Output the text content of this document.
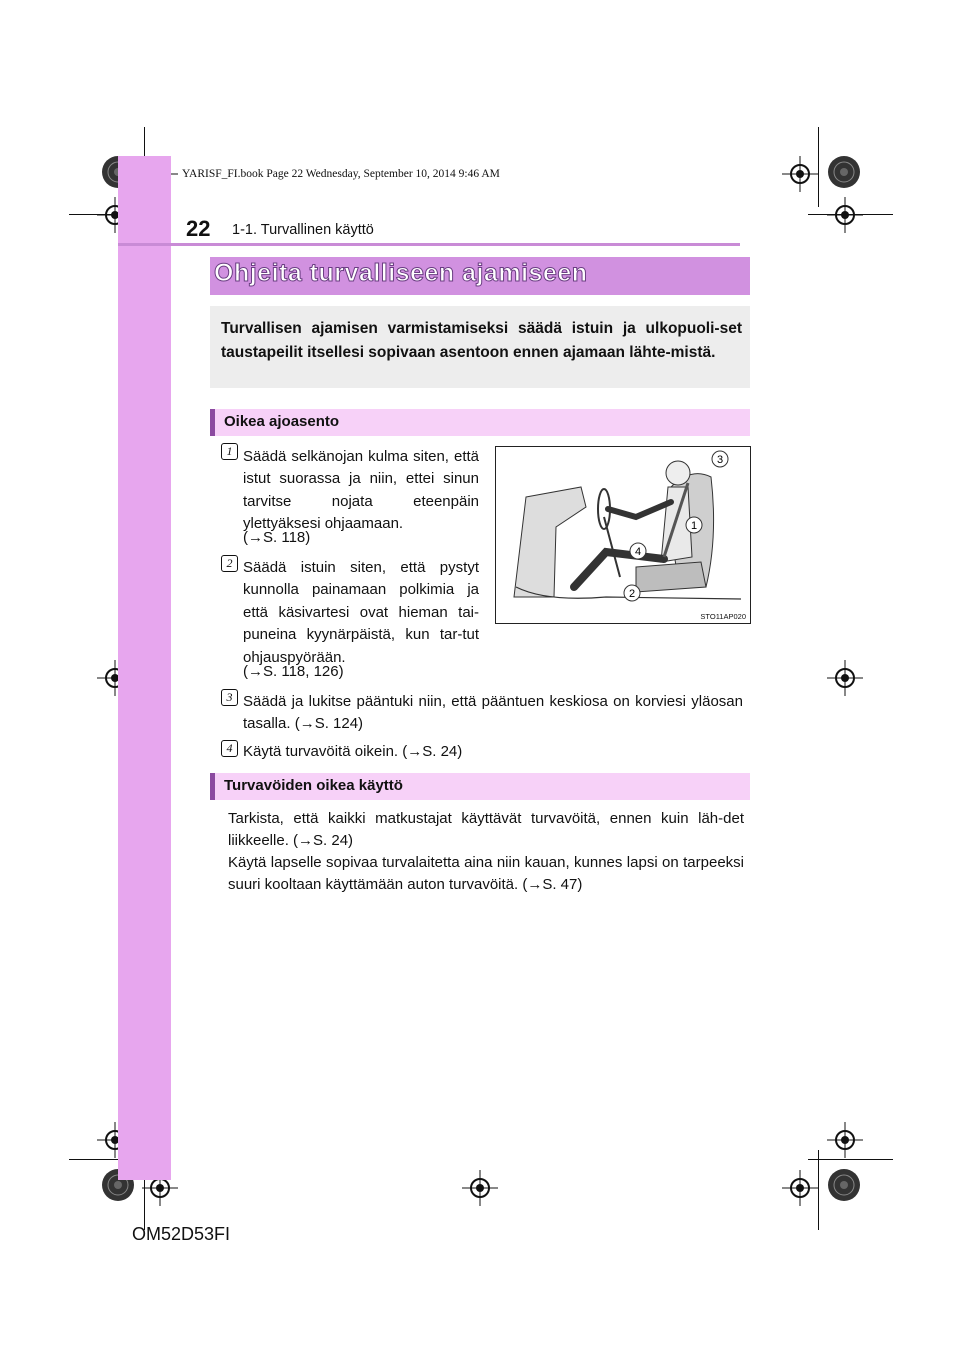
YARISF_FI.book Page 22 Wednesday, September 10, 2014 9:46 AM
22 1-1. Turvallinen käyttö
Ohjeita turvalliseen ajamiseen
Turvallisen ajamisen varmistamiseksi säädä istuin ja ulkopuoli-set taustapeilit itsellesi sopivaan asentoon ennen ajamaan lähte-mistä.
Oikea ajoasento
1 Säädä selkänojan kulma siten, että istut suorassa ja niin, ettei sinun tarvitse nojata eteenpäin ylettyäksesi ohjaamaan.
(→S. 118)
2 Säädä istuin siten, että pystyt kunnolla painamaan polkimia ja että käsivartesi ovat hieman tai-puneina kyynärpäistä, kun tar-tut ohjauspyörään.
(→S. 118, 126)
3
1
4
2
STO11AP020
3 Säädä ja lukitse pääntuki niin, että pääntuen keskiosa on korviesi yläosan tasalla. (→S. 124)
4 Käytä turvavöitä oikein. (→S. 24)
Turvavöiden oikea käyttö
Tarkista, että kaikki matkustajat käyttävät turvavöitä, ennen kuin läh-det liikkeelle. (→S. 24)
Käytä lapselle sopivaa turvalaitetta aina niin kauan, kunnes lapsi on tarpeeksi suuri kooltaan käyttämään auton turvavöitä. (→S. 47)
OM52D53FI
